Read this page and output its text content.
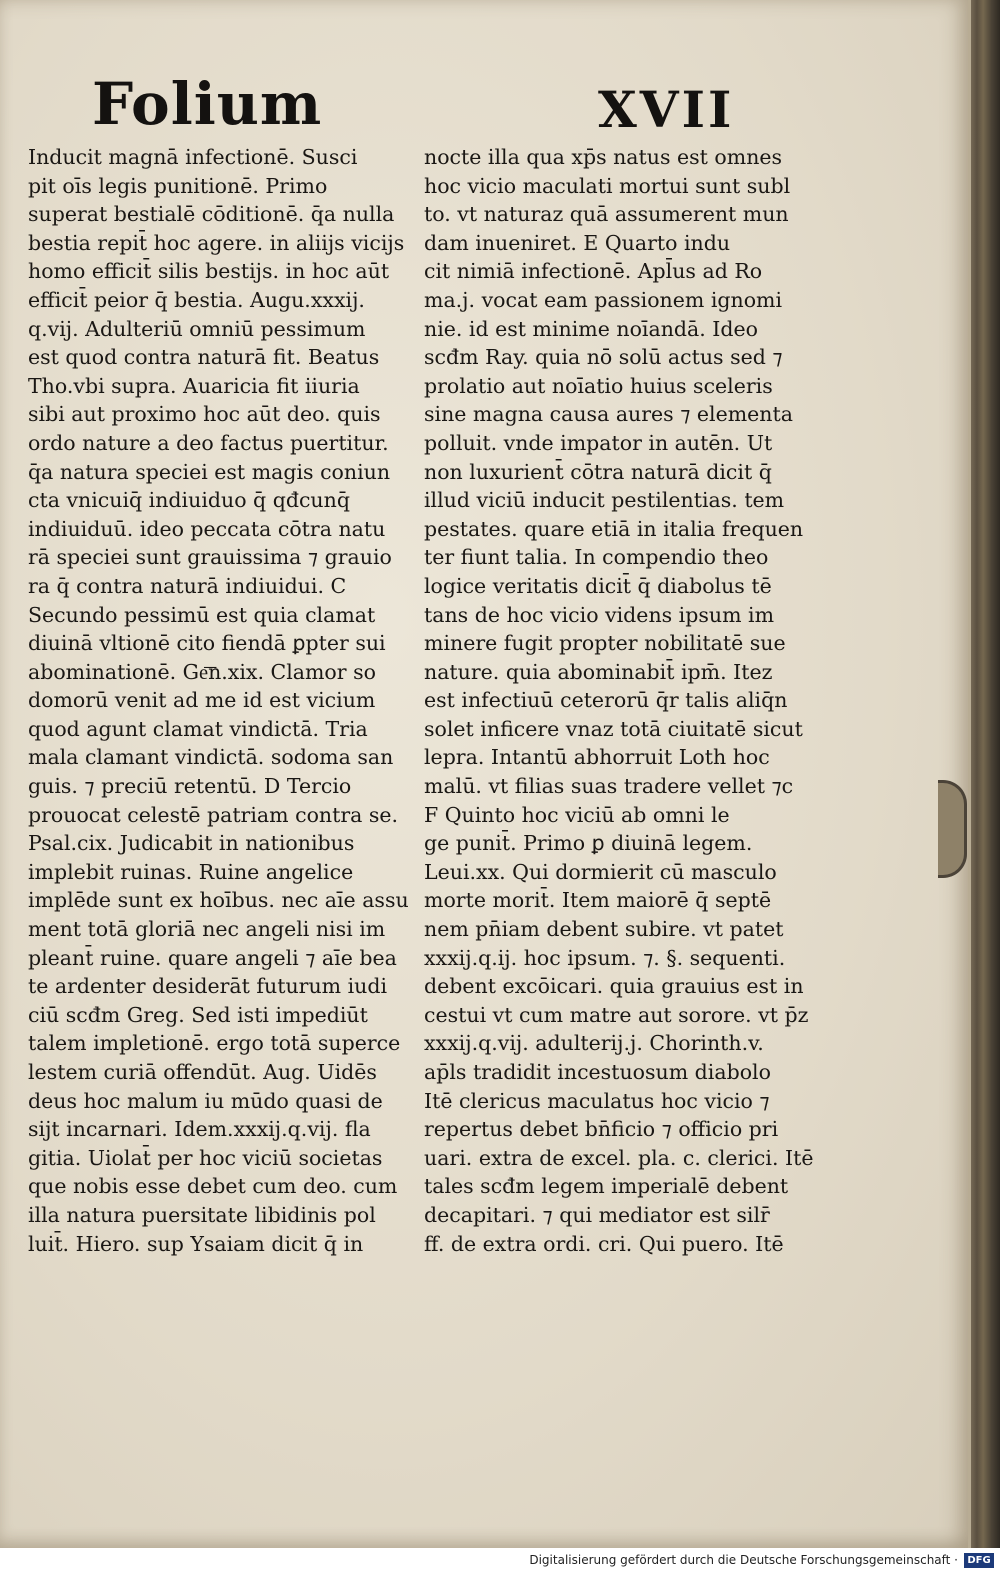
Folium	XVII
Inducit magnā infectionē. Susci
pit oīs legis punitionē. Primo
superat bestialē cōditionē. q̄a nulla
bestia repit̄ hoc agere. in aliijs vicijs
homo efficit̄ silis bestijs. in hoc aūt
efficit̄ peior q̄ bestia. Augu.xxxij.
q.vij. Adulteriū omniū pessimum
est quod contra naturā fit. Beatus
Tho.vbi supra. Auaricia fit iiuria
sibi aut proximo hoc aūt deo. quis
ordo nature a deo factus puertitur.
q̄a natura speciei est magis coniun
cta vnicuiq̄ indiuiduo q̄ qđcunq̄
indiuiduū. ideo peccata cōtra natu
rā speciei sunt grauissima ⁊ grauio
ra q̄ contra naturā indiuidui. C
Secundo pessimū est quia clamat
diuinā vltionē cito fiendā ꝑpter sui
abominationē. Ge͞n.xix. Clamor so
domorū venit ad me id est vicium
quod agunt clamat vindictā. Tria
mala clamant vindictā. sodoma san
guis. ⁊ preciū retentū. D Tercio
prouocat celestē patriam contra se.
Psal.cix. Judicabit in nationibus
implebit ruinas. Ruine angelice
implēde sunt ex hoībus. nec aīe assu
ment totā gloriā nec angeli nisi im
pleant̄ ruine. quare angeli ⁊ aīe bea
te ardenter desiderāt futurum iudi
ciū scđm Greg. Sed isti impediūt
talem impletionē. ergo totā superce
lestem curiā offendūt. Aug. Uidēs
deus hoc malum iu mūdo quasi de
sijt incarnari. Idem.xxxij.q.vij. fla
gitia. Uiolat̄ per hoc viciū societas
que nobis esse debet cum deo. cum
illa natura puersitate libidinis pol
luit̄. Hiero. sup Ysaiam dicit q̄ in
nocte illa qua xp̄s natus est omnes
hoc vicio maculati mortui sunt subl
to. vt naturaz quā assumerent mun
dam inueniret. E Quarto indu
cit nimiā infectionē. Apl̄us ad Ro
ma.j. vocat eam passionem ignomi
nie. id est minime noīandā. Ideo
scđm Ray. quia nō solū actus sed ⁊
prolatio aut noīatio huius sceleris
sine magna causa aures ⁊ elementa
polluit. vnde impator in autēn. Ut
non luxurient̄ cōtra naturā dicit q̄
illud viciū inducit pestilentias. tem
pestates. quare etiā in italia frequen
ter fiunt talia. In compendio theo
logice veritatis dicit̄ q̄ diabolus tē
tans de hoc vicio videns ipsum im
minere fugit propter nobilitatē sue
nature. quia abominabit̄ ipm̄. Itez
est infectiuū ceterorū q̄r talis aliq̄n
solet inficere vnaz totā ciuitatē sicut
lepra. Intantū abhorruit Loth hoc
malū. vt filias suas tradere vellet ⁊c
F Quinto hoc viciū ab omni le
ge punit̄. Primo ꝑ diuinā legem.
Leui.xx. Qui dormierit cū masculo
morte morit̄. Item maiorē q̄ septē
nem pn̄iam debent subire. vt patet
xxxij.q.ij. hoc ipsum. ⁊. §. sequenti.
debent excōicari. quia grauius est in
cestui vt cum matre aut sorore. vt p̄z
xxxij.q.vij. adulterij.j. Chorinth.v.
ap̄ls tradidit incestuosum diabolo
Itē clericus maculatus hoc vicio ⁊
repertus debet bn̄ficio ⁊ officio pri
uari. extra de excel. pla. c. clerici. Itē
tales scđm legem imperialē debent
decapitari. ⁊ qui mediator est silr̄
ff. de extra ordi. cri. Qui puero. Itē
Digitalisierung gefördert durch die Deutsche Forschungsgemeinschaft · DFG
